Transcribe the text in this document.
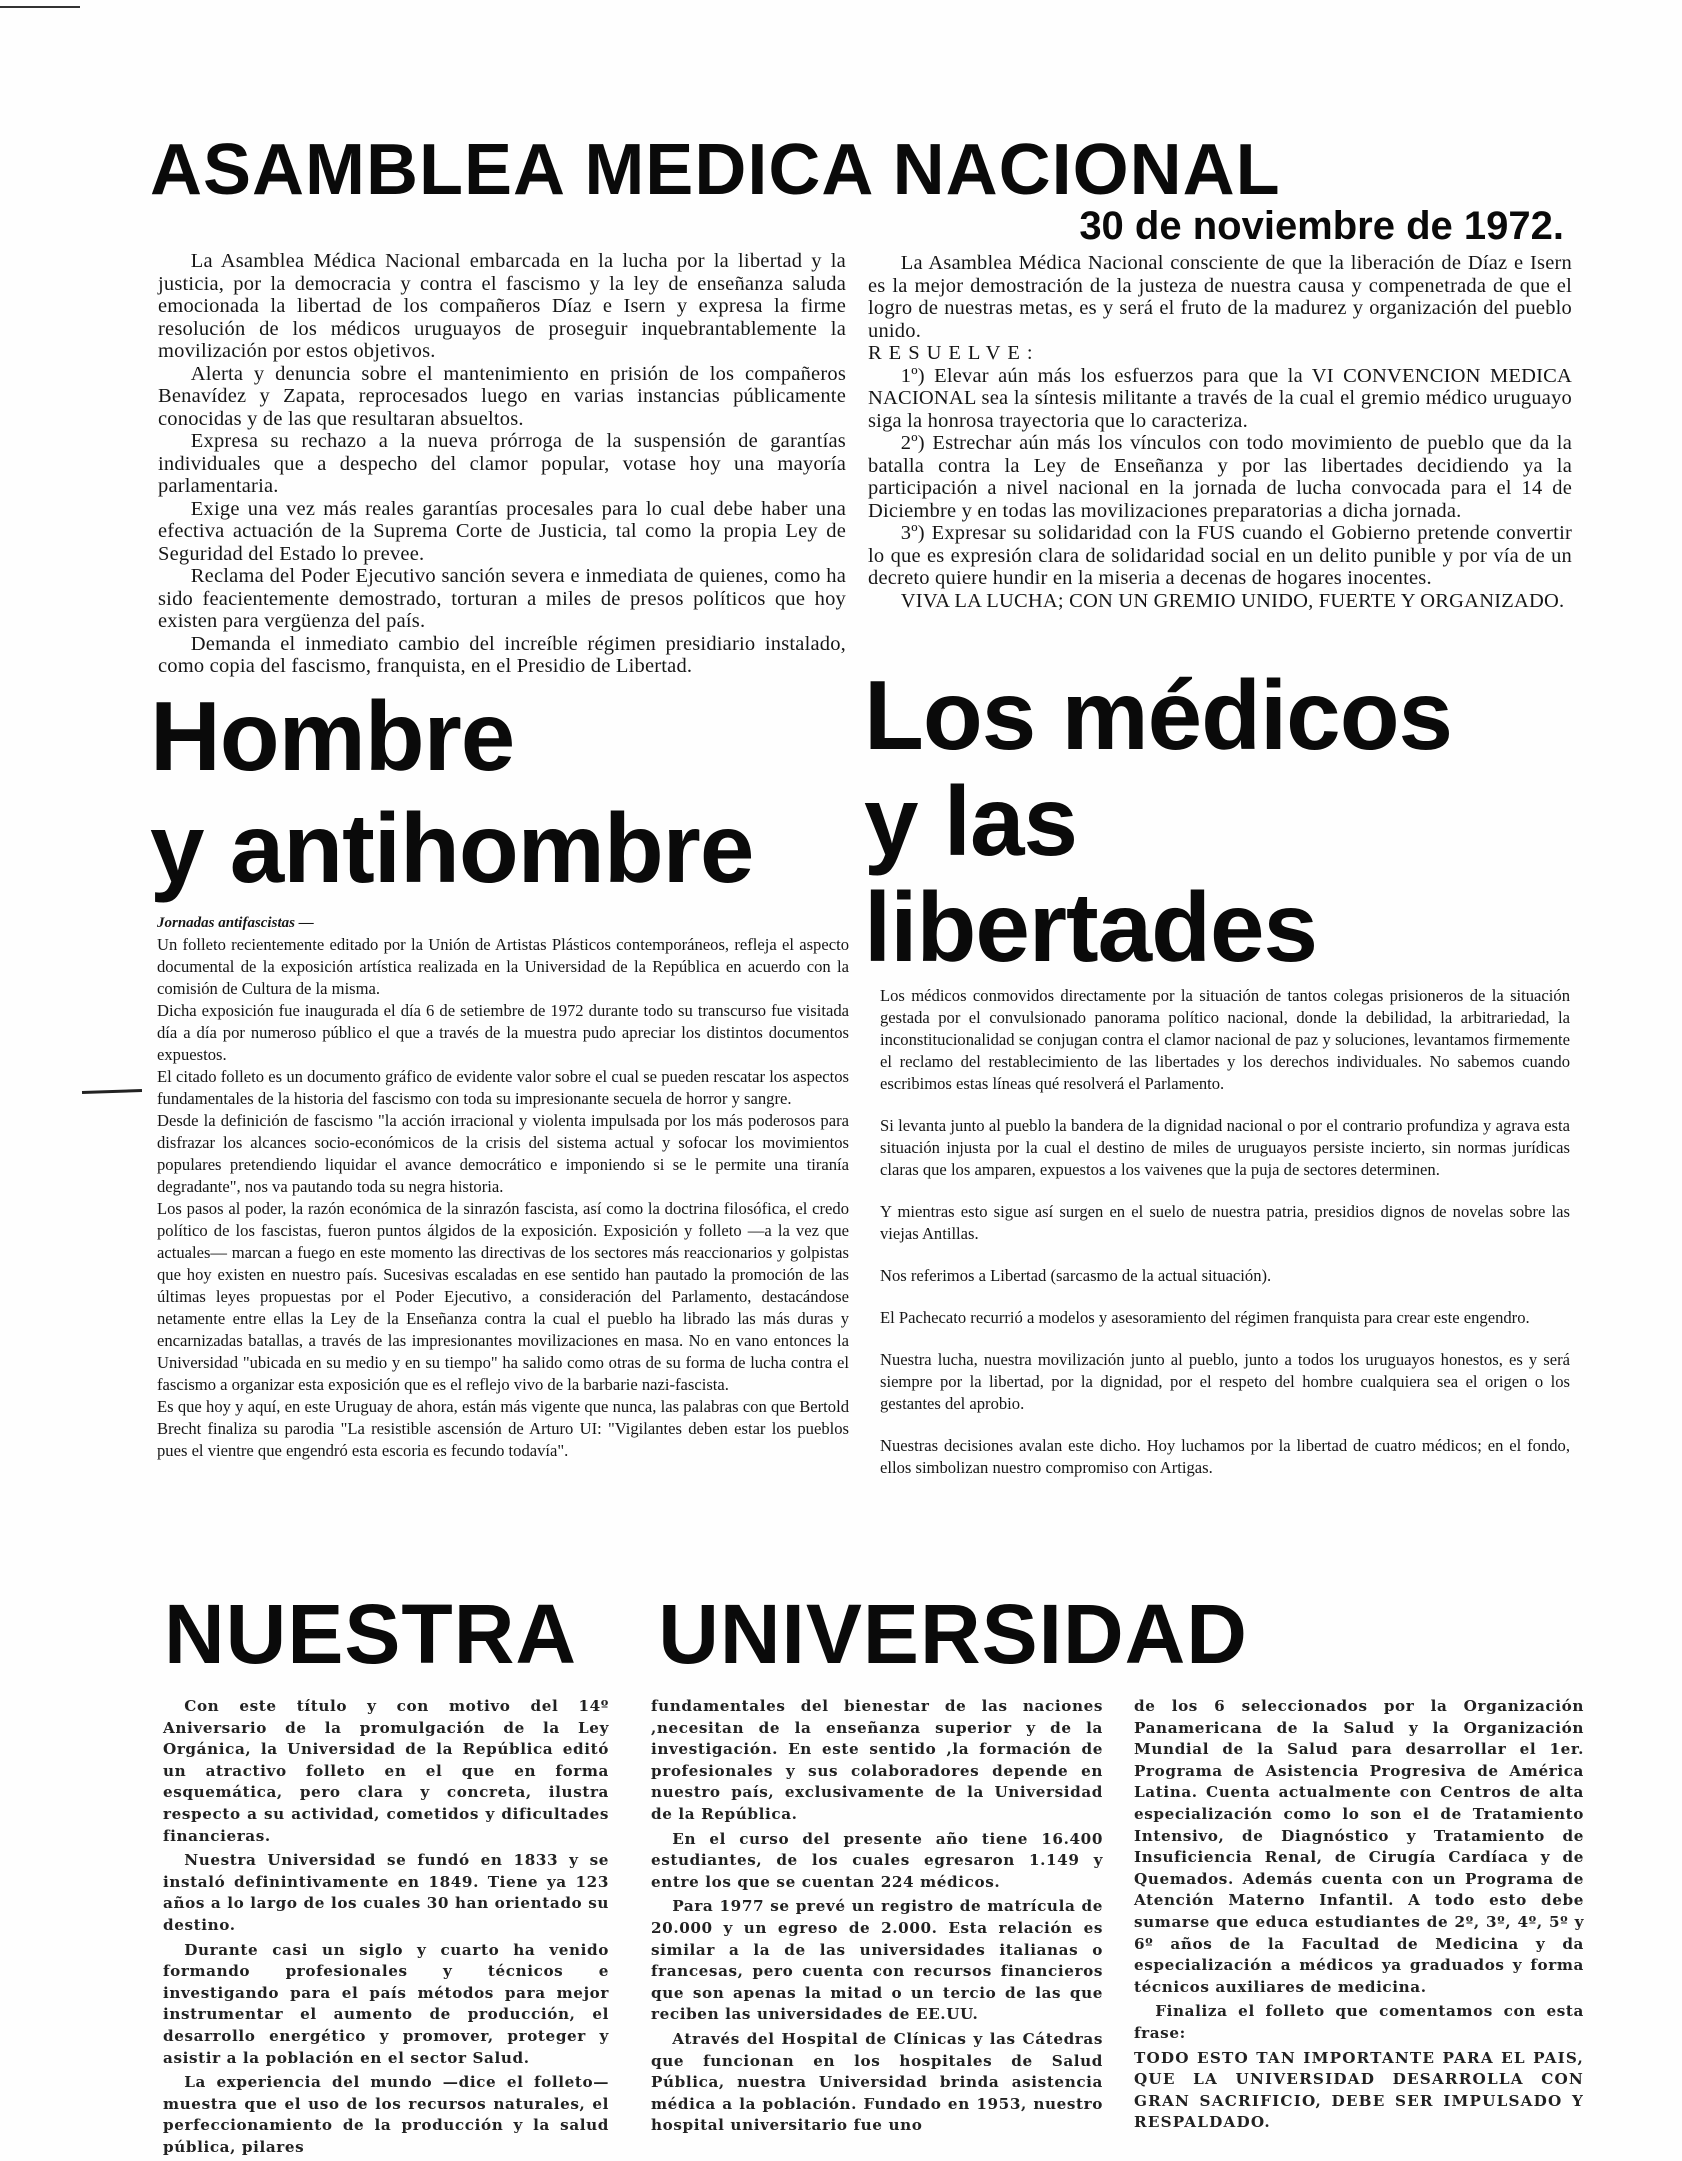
ASAMBLEA MEDICA NACIONAL
30 de noviembre de 1972.

La Asamblea Médica Nacional embarcada en la lucha por la libertad y la justicia, por la democracia y contra el fascismo y la ley de enseñanza saluda emocionada la libertad de los compañeros Díaz e Isern y expresa la firme resolución de los médicos uruguayos de proseguir inquebrantablemente la movilización por estos objetivos.

Alerta y denuncia sobre el mantenimiento en prisión de los compañeros Benavídez y Zapata, reprocesados luego en varias instancias públicamente conocidas y de las que resultaran absueltos.

Expresa su rechazo a la nueva prórroga de la suspensión de garantías individuales que a despecho del clamor popular, votase hoy una mayoría parlamentaria.

Exige una vez más reales garantías procesales para lo cual debe haber una efectiva actuación de la Suprema Corte de Justicia, tal como la propia Ley de Seguridad del Estado lo prevee.

Reclama del Poder Ejecutivo sanción severa e inmediata de quienes, como ha sido feacientemente demostrado, torturan a miles de presos políticos que hoy existen para vergüenza del país.

Demanda el inmediato cambio del increíble régimen presidiario instalado, como copia del fascismo, franquista, en el Presidio de Libertad.

La Asamblea Médica Nacional consciente de que la liberación de Díaz e Isern es la mejor demostración de la justeza de nuestra causa y compenetrada de que el logro de nuestras metas, es y será el fruto de la madurez y organización del pueblo unido.

RESUELVE:

1º) Elevar aún más los esfuerzos para que la VI CONVENCION MEDICA NACIONAL sea la síntesis militante a través de la cual el gremio médico uruguayo siga la honrosa trayectoria que lo caracteriza.

2º) Estrechar aún más los vínculos con todo movimiento de pueblo que da la batalla contra la Ley de Enseñanza y por las libertades decidiendo ya la participación a nivel nacional en la jornada de lucha convocada para el 14 de Diciembre y en todas las movilizaciones preparatorias a dicha jornada.

3º) Expresar su solidaridad con la FUS cuando el Gobierno pretende convertir lo que es expresión clara de solidaridad social en un delito punible y por vía de un decreto quiere hundir en la miseria a decenas de hogares inocentes.

VIVA LA LUCHA; CON UN GREMIO UNIDO, FUERTE Y ORGANIZADO.

Hombre
y antihombre
Los médicos
y las
libertades

Jornadas antifascistas —

Un folleto recientemente editado por la Unión de Artistas Plásticos contemporáneos, refleja el aspecto documental de la exposición artística realizada en la Universidad de la República en acuerdo con la comisión de Cultura de la misma.

Dicha exposición fue inaugurada el día 6 de setiembre de 1972 durante todo su transcurso fue visitada día a día por numeroso público el que a través de la muestra pudo apreciar los distintos documentos expuestos.

El citado folleto es un documento gráfico de evidente valor sobre el cual se pueden rescatar los aspectos fundamentales de la historia del fascismo con toda su impresionante secuela de horror y sangre.

Desde la definición de fascismo "la acción irracional y violenta impulsada por los más poderosos para disfrazar los alcances socio-económicos de la crisis del sistema actual y sofocar los movimientos populares pretendiendo liquidar el avance democrático e imponiendo si se le permite una tiranía degradante", nos va pautando toda su negra historia.

Los pasos al poder, la razón económica de la sinrazón fascista, así como la doctrina filosófica, el credo político de los fascistas, fueron puntos álgidos de la exposición. Exposición y folleto —a la vez que actuales— marcan a fuego en este momento las directivas de los sectores más reaccionarios y golpistas que hoy existen en nuestro país. Sucesivas escaladas en ese sentido han pautado la promoción de las últimas leyes propuestas por el Poder Ejecutivo, a consideración del Parlamento, destacándose netamente entre ellas la Ley de la Enseñanza contra la cual el pueblo ha librado las más duras y encarnizadas batallas, a través de las impresionantes movilizaciones en masa. No en vano entonces la Universidad "ubicada en su medio y en su tiempo" ha salido como otras de su forma de lucha contra el fascismo a organizar esta exposición que es el reflejo vivo de la barbarie nazi-fascista.

Es que hoy y aquí, en este Uruguay de ahora, están más vigente que nunca, las palabras con que Bertold Brecht finaliza su parodia "La resistible ascensión de Arturo UI: "Vigilantes deben estar los pueblos pues el vientre que engendró esta escoria es fecundo todavía".

Los médicos conmovidos directamente por la situación de tantos colegas prisioneros de la situación gestada por el convulsionado panorama político nacional, donde la debilidad, la arbitrariedad, la inconstitucionalidad se conjugan contra el clamor nacional de paz y soluciones, levantamos firmemente el reclamo del restablecimiento de las libertades y los derechos individuales. No sabemos cuando escribimos estas líneas qué resolverá el Parlamento.

Si levanta junto al pueblo la bandera de la dignidad nacional o por el contrario profundiza y agrava esta situación injusta por la cual el destino de miles de uruguayos persiste incierto, sin normas jurídicas claras que los amparen, expuestos a los vaivenes que la puja de sectores determinen.

Y mientras esto sigue así surgen en el suelo de nuestra patria, presidios dignos de novelas sobre las viejas Antillas.

Nos referimos a Libertad (sarcasmo de la actual situación).

El Pachecato recurrió a modelos y asesoramiento del régimen franquista para crear este engendro.

Nuestra lucha, nuestra movilización junto al pueblo, junto a todos los uruguayos honestos, es y será siempre por la libertad, por la dignidad, por el respeto del hombre cualquiera sea el origen o los gestantes del aprobio.

Nuestras decisiones avalan este dicho. Hoy luchamos por la libertad de cuatro médicos; en el fondo, ellos simbolizan nuestro compromiso con Artigas.

NUESTRA UNIVERSIDAD

Con este título y con motivo del 14º Aniversario de la promulgación de la Ley Orgánica, la Universidad de la República editó un atractivo folleto en el que en forma esquemática, pero clara y concreta, ilustra respecto a su actividad, cometidos y dificultades financieras.

Nuestra Universidad se fundó en 1833 y se instaló definintivamente en 1849. Tiene ya 123 años a lo largo de los cuales 30 han orientado su destino.

Durante casi un siglo y cuarto ha venido formando profesionales y técnicos e investigando para el país métodos para mejor instrumentar el aumento de producción, el desarrollo energético y promover, proteger y asistir a la población en el sector Salud.

La experiencia del mundo —dice el folleto— muestra que el uso de los recursos naturales, el perfeccionamiento de la producción y la salud pública, pilares

fundamentales del bienestar de las naciones ,necesitan de la enseñanza superior y de la investigación. En este sentido ,la formación de profesionales y sus colaboradores depende en nuestro país, exclusivamente de la Universidad de la República.

En el curso del presente año tiene 16.400 estudiantes, de los cuales egresaron 1.149 y entre los que se cuentan 224 médicos.

Para 1977 se prevé un registro de matrícula de 20.000 y un egreso de 2.000. Esta relación es similar a la de las universidades italianas o francesas, pero cuenta con recursos financieros que son apenas la mitad o un tercio de las que reciben las universidades de EE.UU.

Através del Hospital de Clínicas y las Cátedras que funcionan en los hospitales de Salud Pública, nuestra Universidad brinda asistencia médica a la población. Fundado en 1953, nuestro hospital universitario fue uno

de los 6 seleccionados por la Organización Panamericana de la Salud y la Organización Mundial de la Salud para desarrollar el 1er. Programa de Asistencia Progresiva de América Latina. Cuenta actualmente con Centros de alta especialización como lo son el de Tratamiento Intensivo, de Diagnóstico y Tratamiento de Insuficiencia Renal, de Cirugía Cardíaca y de Quemados. Además cuenta con un Programa de Atención Materno Infantil. A todo esto debe sumarse que educa estudiantes de 2º, 3º, 4º, 5º y 6º años de la Facultad de Medicina y da especialización a médicos ya graduados y forma técnicos auxiliares de medicina.

Finaliza el folleto que comentamos con esta frase:

TODO ESTO TAN IMPORTANTE PARA EL PAIS, QUE LA UNIVERSIDAD DESARROLLA CON GRAN SACRIFICIO, DEBE SER IMPULSADO Y RESPALDADO.
